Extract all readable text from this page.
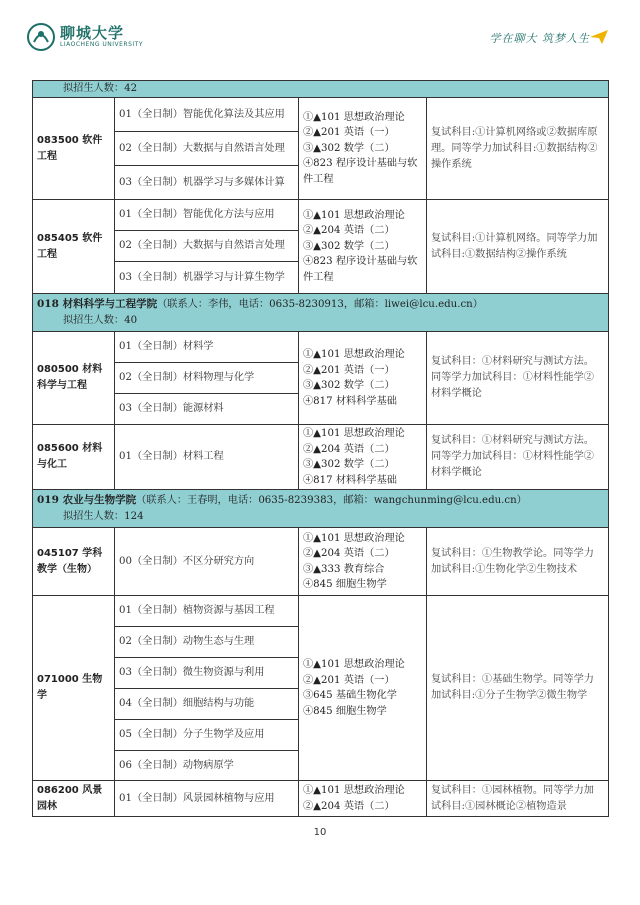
聊城大学
LIAOCHENG UNIVERSITY	学在聊大 筑梦人生
拟招生人数：42			
083500 软件工程	01（全日制）智能优化算法及其应用	①▲101 思想政治理论
②▲201 英语（一）
③▲302 数学（二）
④823 程序设计基础与软件工程	复试科目:①计算机网络或②数据库原理。同等学力加试科目:①数据结构②操作系统
	02（全日制）大数据与自然语言处理		
	03（全日制）机器学习与多媒体计算		
085405 软件工程	01（全日制）智能优化方法与应用	①▲101 思想政治理论
②▲204 英语（二）
③▲302 数学（二）
④823 程序设计基础与软件工程	复试科目:①计算机网络。同等学力加试科目:①数据结构②操作系统
	02（全日制）大数据与自然语言处理		
	03（全日制）机器学习与计算生物学		
018 材料科学与工程学院（联系人：李伟，电话：0635-8230913，邮箱：liwei@lcu.edu.cn）
拟招生人数：40			

080500 材料科学与工程	01（全日制）材料学	①▲101 思想政治理论
②▲201 英语（一）
③▲302 数学（二）
④817 材料科学基础	复试科目：①材料研究与测试方法。同等学力加试科目：①材料性能学②材料学概论
	02（全日制）材料物理与化学		
	03（全日制）能源材料		
085600 材料与化工	01（全日制）材料工程	①▲101 思想政治理论
②▲204 英语（二）
③▲302 数学（二）
④817 材料科学基础	复试科目：①材料研究与测试方法。同等学力加试科目：①材料性能学②材料学概论
019 农业与生物学院（联系人：王春明，电话：0635-8239383，邮箱：wangchunming@lcu.edu.cn）
拟招生人数：124			

045107 学科教学（生物）	00（全日制）不区分研究方向	①▲101 思想政治理论
②▲204 英语（二）
③▲333 教育综合
④845 细胞生物学	复试科目：①生物教学论。同等学力加试科目:①生物化学②生物技术
071000 生物学	01（全日制）植物资源与基因工程	①▲101 思想政治理论
②▲201 英语（一）
③645 基础生物化学
④845 细胞生物学	复试科目：①基础生物学。同等学力加试科目:①分子生物学②微生物学
	02（全日制）动物生态与生理		
	03（全日制）微生物资源与利用		
	04（全日制）细胞结构与功能		
	05（全日制）分子生物学及应用		
	06（全日制）动物病原学		
086200 风景园林	01（全日制）风景园林植物与应用	①▲101 思想政治理论
②▲204 英语（二）	复试科目：①园林植物。同等学力加试科目:①园林概论②植物造景
10
